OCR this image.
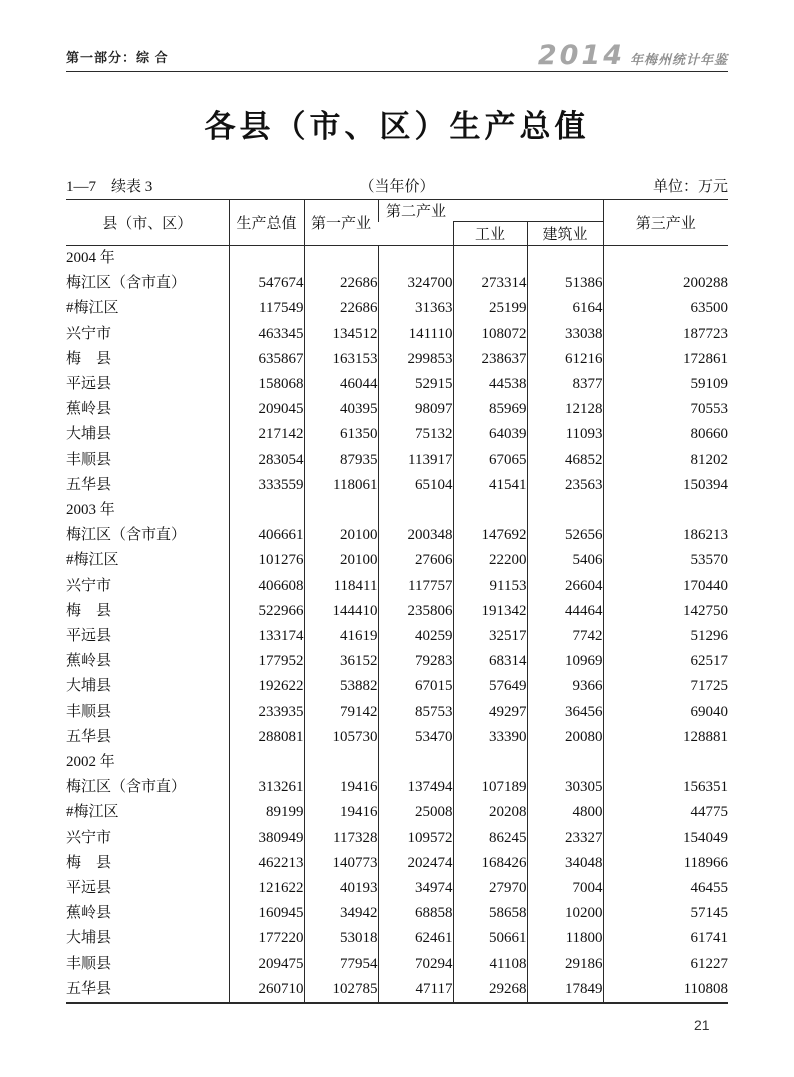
第一部分：综 合	2014 年梅州统计年鉴
各县（市、区）生产总值
1—7　续表 3	（当年价）	单位：万元
县（市、区）	生产总值	第一产业	第二产业			第三产业
				工业	建筑业	
2004 年						
梅江区（含市直）	547674	22686	324700	273314	51386	200288
#梅江区	117549	22686	31363	25199	6164	63500
兴宁市	463345	134512	141110	108072	33038	187723
梅　县	635867	163153	299853	238637	61216	172861
平远县	158068	46044	52915	44538	8377	59109
蕉岭县	209045	40395	98097	85969	12128	70553
大埔县	217142	61350	75132	64039	11093	80660
丰顺县	283054	87935	113917	67065	46852	81202
五华县	333559	118061	65104	41541	23563	150394
2003 年						
梅江区（含市直）	406661	20100	200348	147692	52656	186213
#梅江区	101276	20100	27606	22200	5406	53570
兴宁市	406608	118411	117757	91153	26604	170440
梅　县	522966	144410	235806	191342	44464	142750
平远县	133174	41619	40259	32517	7742	51296
蕉岭县	177952	36152	79283	68314	10969	62517
大埔县	192622	53882	67015	57649	9366	71725
丰顺县	233935	79142	85753	49297	36456	69040
五华县	288081	105730	53470	33390	20080	128881
2002 年						
梅江区（含市直）	313261	19416	137494	107189	30305	156351
#梅江区	89199	19416	25008	20208	4800	44775
兴宁市	380949	117328	109572	86245	23327	154049
梅　县	462213	140773	202474	168426	34048	118966
平远县	121622	40193	34974	27970	7004	46455
蕉岭县	160945	34942	68858	58658	10200	57145
大埔县	177220	53018	62461	50661	11800	61741
丰顺县	209475	77954	70294	41108	29186	61227
五华县	260710	102785	47117	29268	17849	110808
21
